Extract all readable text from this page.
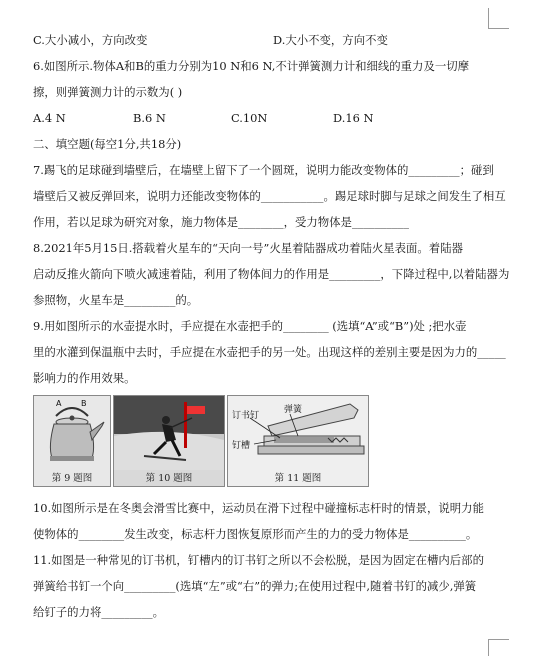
C.大小减小，方向改变	D.大小不变，方向不变
6.如图所示.物体A和B的重力分别为10 N和6 N,不计弹簧测力计和细线的重力及一切摩
擦，则弹簧测力计的示数为( )
A.4 N	B.6 N	C.10N	D.16 N
二、填空题(每空1分,共18分)
7.踢飞的足球碰到墙壁后，在墙壁上留下了一个圆斑，说明力能改变物体的_________；碰到
墙壁后又被反弹回来，说明力还能改变物体的___________。踢足球时脚与足球之间发生了相互
作用，若以足球为研究对象，施力物体是________，受力物体是__________
8.2021年5月15日.搭载着火星车的“天向一号”火星着陆器成功着陆火星表面。着陆器
启动反推火箭向下喷火减速着陆，利用了物体间力的作用是_________，下降过程中,以着陆器为
参照物，火星车是_________的。
9.用如图所示的水壶提水时，手应提在水壶把手的________ (选填“A”或“B”)处 ;把水壶
里的水灌到保温瓶中去时，手应提在水壶把手的另一处。出现这样的差别主要是因为力的_____
影响力的作用效果。
A B
第 9 题图	第 10 题图
订书钉
弹簧
钉槽
第 11 题图
10.如图所示是在冬奥会滑雪比赛中，运动员在滑下过程中碰撞标志杆时的情景，说明力能
使物体的________发生改变，标志杆力图恢复原形而产生的力的受力物体是__________。
11.如图是一种常见的订书机，钉槽内的订书钉之所以不会松脱，是因为固定在槽内后部的
弹簧给书钉一个向_________(选填“左”或“右”的弹力;在使用过程中,随着书钉的减少,弹簧
给钉子的力将_________。
